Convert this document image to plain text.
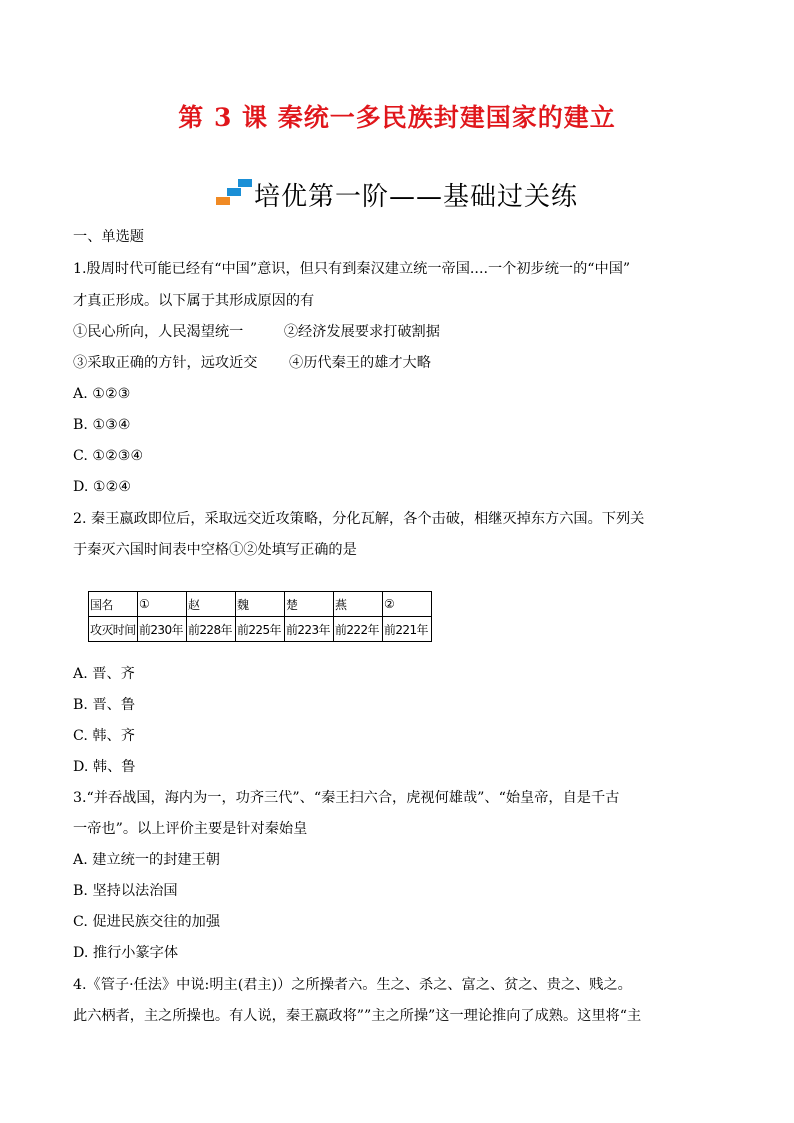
第 3 课 秦统一多民族封建国家的建立
培优第一阶——基础过关练
一、单选题
1.殷周时代可能已经有“中国”意识，但只有到秦汉建立统一帝国....一个初步统一的“中国”
才真正形成。以下属于其形成原因的有
①民心所向，人民渴望统一         ②经济发展要求打破割据
③采取正确的方针，远攻近交       ④历代秦王的雄才大略
A. ①②③
B. ①③④
C. ①②③④
D. ①②④
2. 秦王嬴政即位后，采取远交近攻策略，分化瓦解，各个击破，相继灭掉东方六国。下列关
于秦灭六国时间表中空格①②处填写正确的是
国名	①	赵	魏	楚	燕	②
攻灭时间	前230年	前228年	前225年	前223年	前222年	前221年
A. 晋、齐
B. 晋、鲁
C. 韩、齐
D. 韩、鲁
3.“并吞战国，海内为一，功齐三代”、“秦王扫六合，虎视何雄哉”、“始皇帝，自是千古
一帝也”。以上评价主要是针对秦始皇
A. 建立统一的封建王朝
B. 坚持以法治国
C. 促进民族交往的加强
D. 推行小篆字体
4.《管子·任法》中说:明主(君主)）之所操者六。生之、杀之、富之、贫之、贵之、贱之。
此六柄者，主之所操也。有人说，秦王嬴政将””主之所操”这一理论推向了成熟。这里将“主
